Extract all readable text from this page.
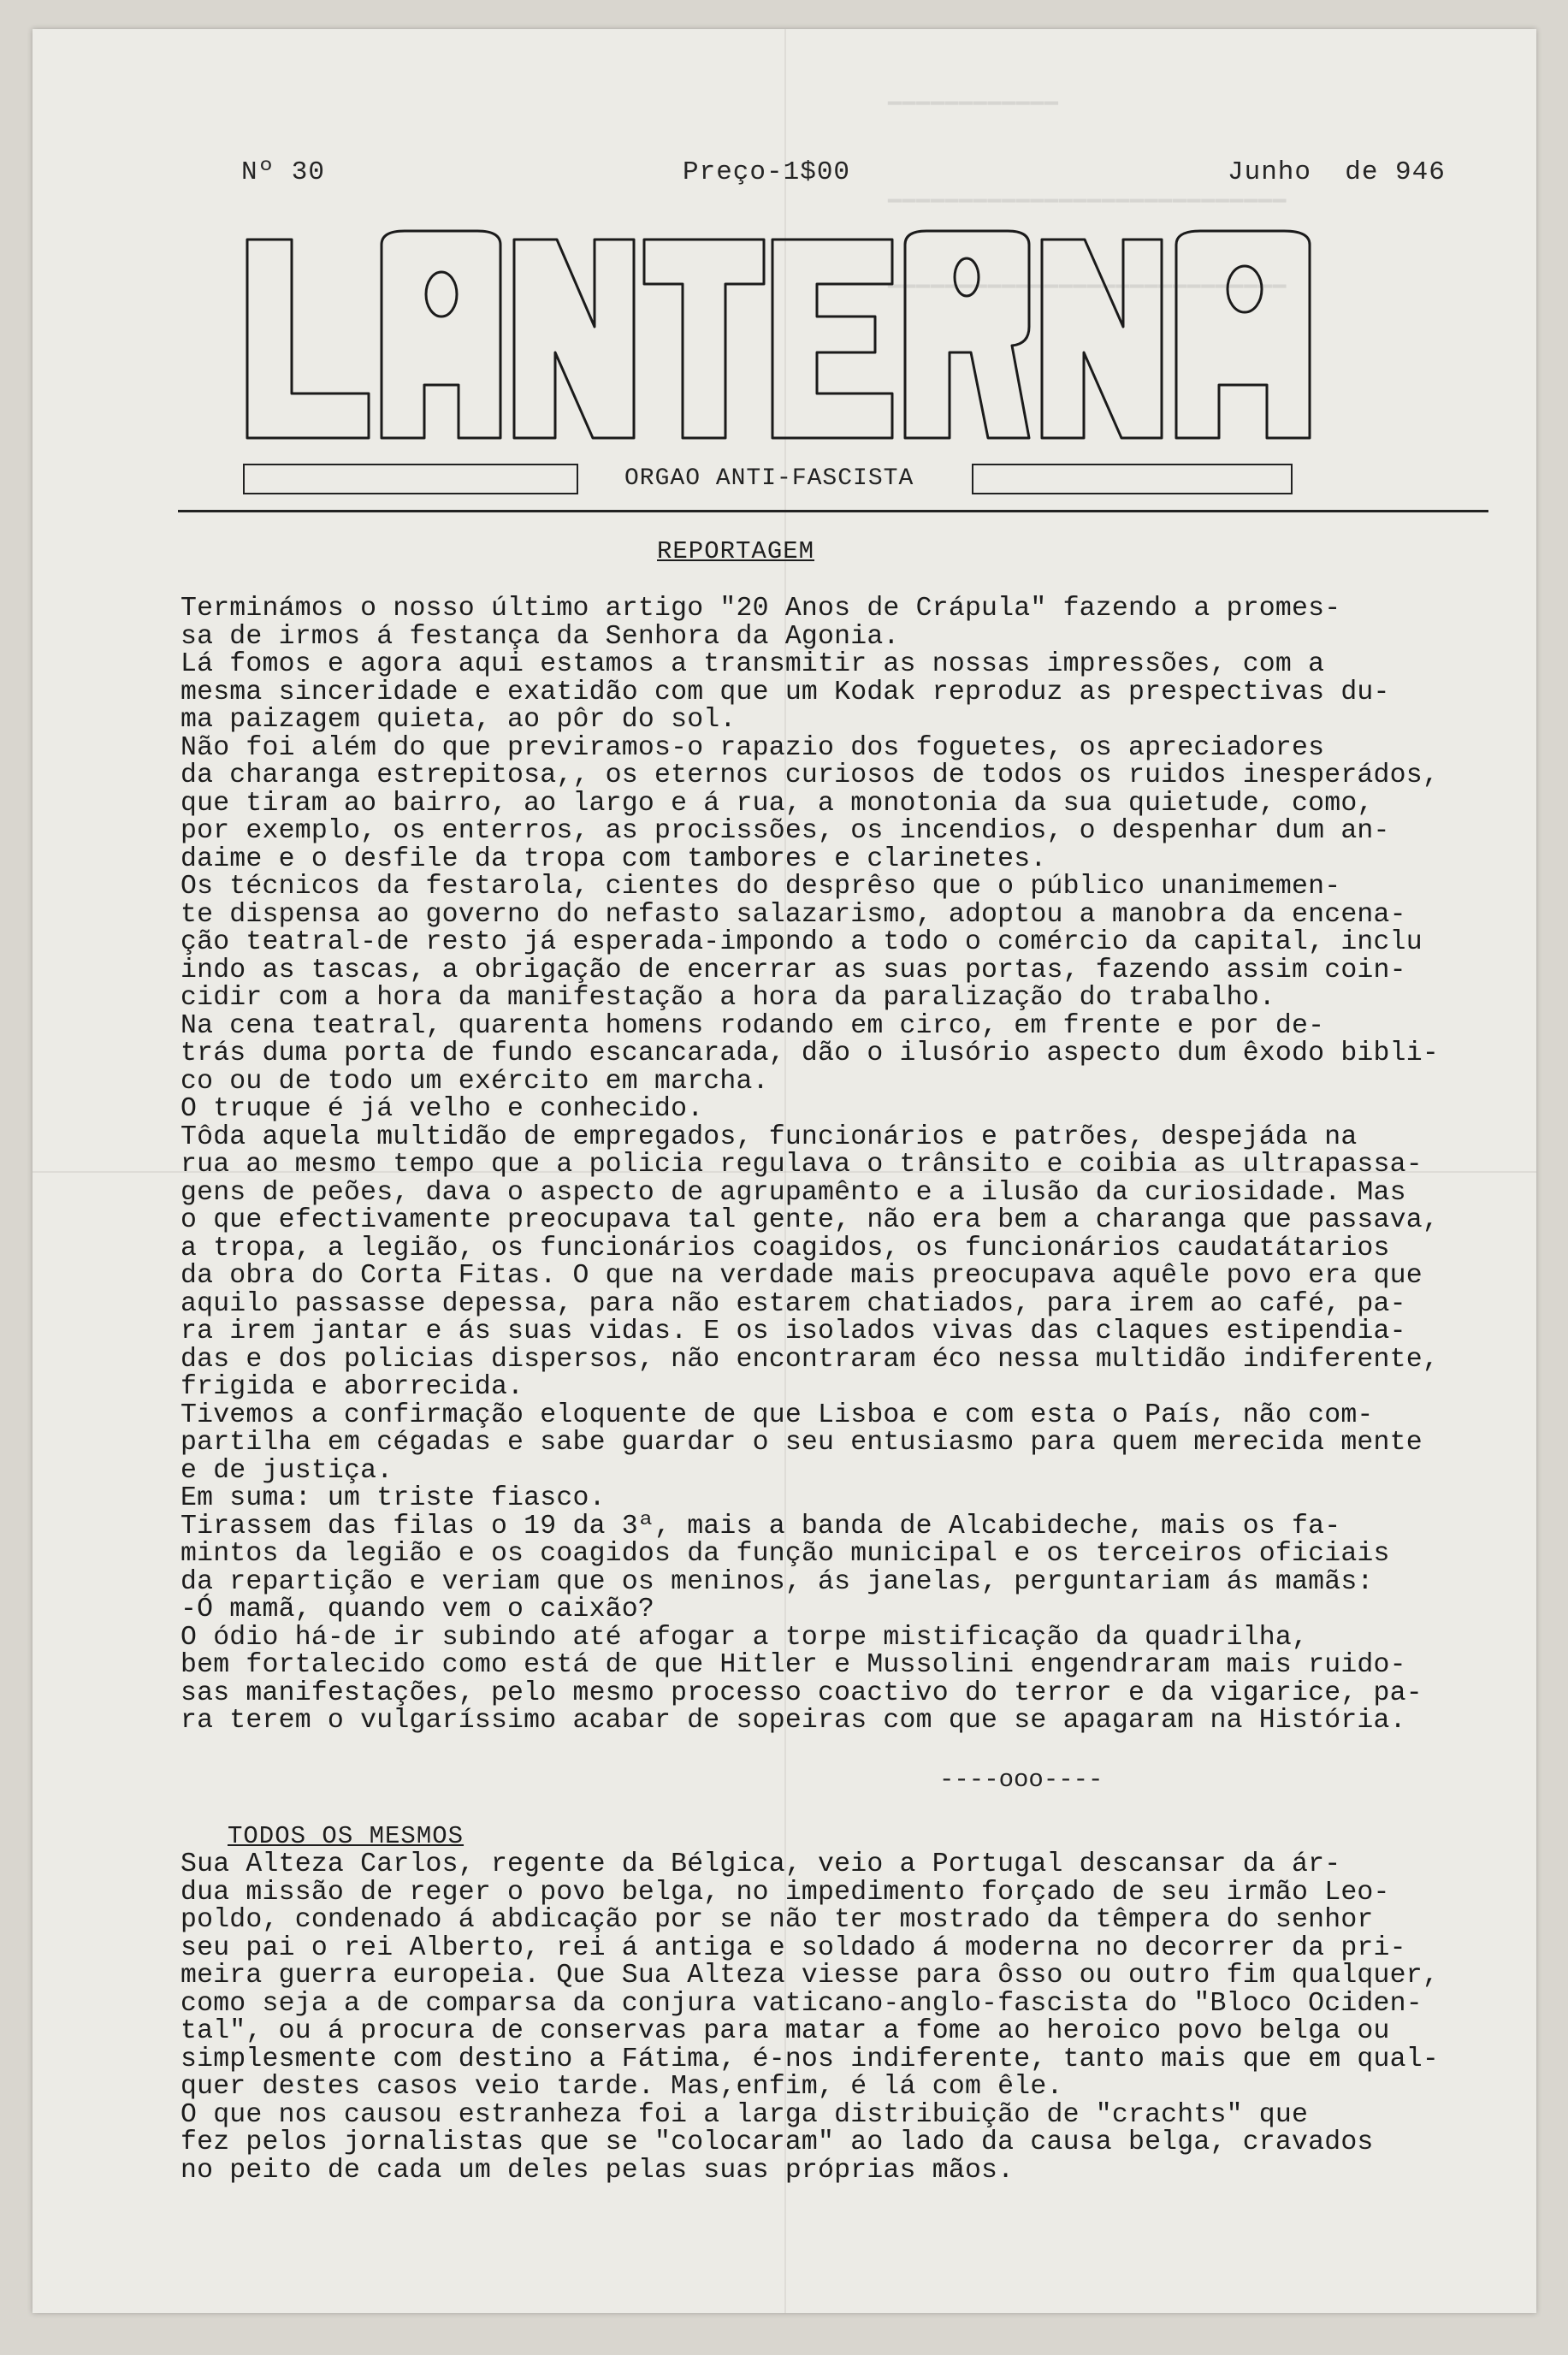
▔▔▔▔▔▔▔▔▔▔▔▔
▔▔▔▔▔▔▔▔▔▔▔▔▔▔▔▔▔▔▔▔▔▔▔▔▔▔▔▔
▔▔▔▔▔▔▔▔▔▔▔▔▔▔▔▔▔▔▔▔▔▔▔▔▔▔▔▔
Nº 30	Preço-1$00	Junho  de 946
ORGAO ANTI-FASCISTA
REPORTAGEM

Terminámos o nosso último artigo "20 Anos de Crápula" fazendo a promes-

sa de irmos á festança da Senhora da Agonia.

Lá fomos e agora aqui estamos a transmitir as nossas impressões, com a

mesma sinceridade e exatidão com que um Kodak reproduz as prespectivas du-

ma paizagem quieta, ao pôr do sol.

Não foi além do que previramos-o rapazio dos foguetes, os apreciadores

da charanga estrepitosa,, os eternos curiosos de todos os ruidos inesperádos,

que tiram ao bairro, ao largo e á rua, a monotonia da sua quietude, como,

por exemplo, os enterros, as procissões, os incendios, o despenhar dum an-

daime e o desfile da tropa com tambores e clarinetes.

Os técnicos da festarola, cientes do desprêso que o público unanimemen-

te dispensa ao governo do nefasto salazarismo, adoptou a manobra da encena-

ção teatral-de resto já esperada-impondo a todo o comércio da capital, inclu

indo as tascas, a obrigação de encerrar as suas portas, fazendo assim coin-

cidir com a hora da manifestação a hora da paralização do trabalho.

Na cena teatral, quarenta homens rodando em circo, em frente e por de-

trás duma porta de fundo escancarada, dão o ilusório aspecto dum êxodo bibli-

co ou de todo um exército em marcha.

O truque é já velho e conhecido.

Tôda aquela multidão de empregados, funcionários e patrões, despejáda na

rua ao mesmo tempo que a policia regulava o trânsito e coibia as ultrapassa-

gens de peões, dava o aspecto de agrupamênto e a ilusão da curiosidade. Mas

o que efectivamente preocupava tal gente, não era bem a charanga que passava,

a tropa, a legião, os funcionários coagidos, os funcionários caudatátarios

da obra do Corta Fitas. O que na verdade mais preocupava aquêle povo era que

aquilo passasse depessa, para não estarem chatiados, para irem ao café, pa-

ra irem jantar e ás suas vidas. E os isolados vivas das claques estipendia-

das e dos policias dispersos, não encontraram éco nessa multidão indiferente,

frigida e aborrecida.

Tivemos a confirmação eloquente de que Lisboa e com esta o País, não com-

partilha em cégadas e sabe guardar o seu entusiasmo para quem merecida mente

e de justiça.

Em suma: um triste fiasco.

Tirassem das filas o 19 da 3ª, mais a banda de Alcabideche, mais os fa-

mintos da legião e os coagidos da função municipal e os terceiros oficiais

da repartição e veriam que os meninos, ás janelas, perguntariam ás mamãs:

-Ó mamã, quando vem o caixão?

O ódio há-de ir subindo até afogar a torpe mistificação da quadrilha,

bem fortalecido como está de que Hitler e Mussolini engendraram mais ruido-

sas manifestações, pelo mesmo processo coactivo do terror e da vigarice, pa-

ra terem o vulgaríssimo acabar de sopeiras com que se apagaram na História.

----ooo----
TODOS OS MESMOS

Sua Alteza Carlos, regente da Bélgica, veio a Portugal descansar da ár-

dua missão de reger o povo belga, no impedimento forçado de seu irmão Leo-

poldo, condenado á abdicação por se não ter mostrado da têmpera do senhor

seu pai o rei Alberto, rei á antiga e soldado á moderna no decorrer da pri-

meira guerra europeia. Que Sua Alteza viesse para ôsso ou outro fim qualquer,

como seja a de comparsa da conjura vaticano-anglo-fascista do "Bloco Ociden-

tal", ou á procura de conservas para matar a fome ao heroico povo belga ou

simplesmente com destino a Fátima, é-nos indiferente, tanto mais que em qual-

quer destes casos veio tarde. Mas,enfim, é lá com êle.

O que nos causou estranheza foi a larga distribuição de "crachts" que

fez pelos jornalistas que se "colocaram" ao lado da causa belga, cravados

no peito de cada um deles pelas suas próprias mãos.
